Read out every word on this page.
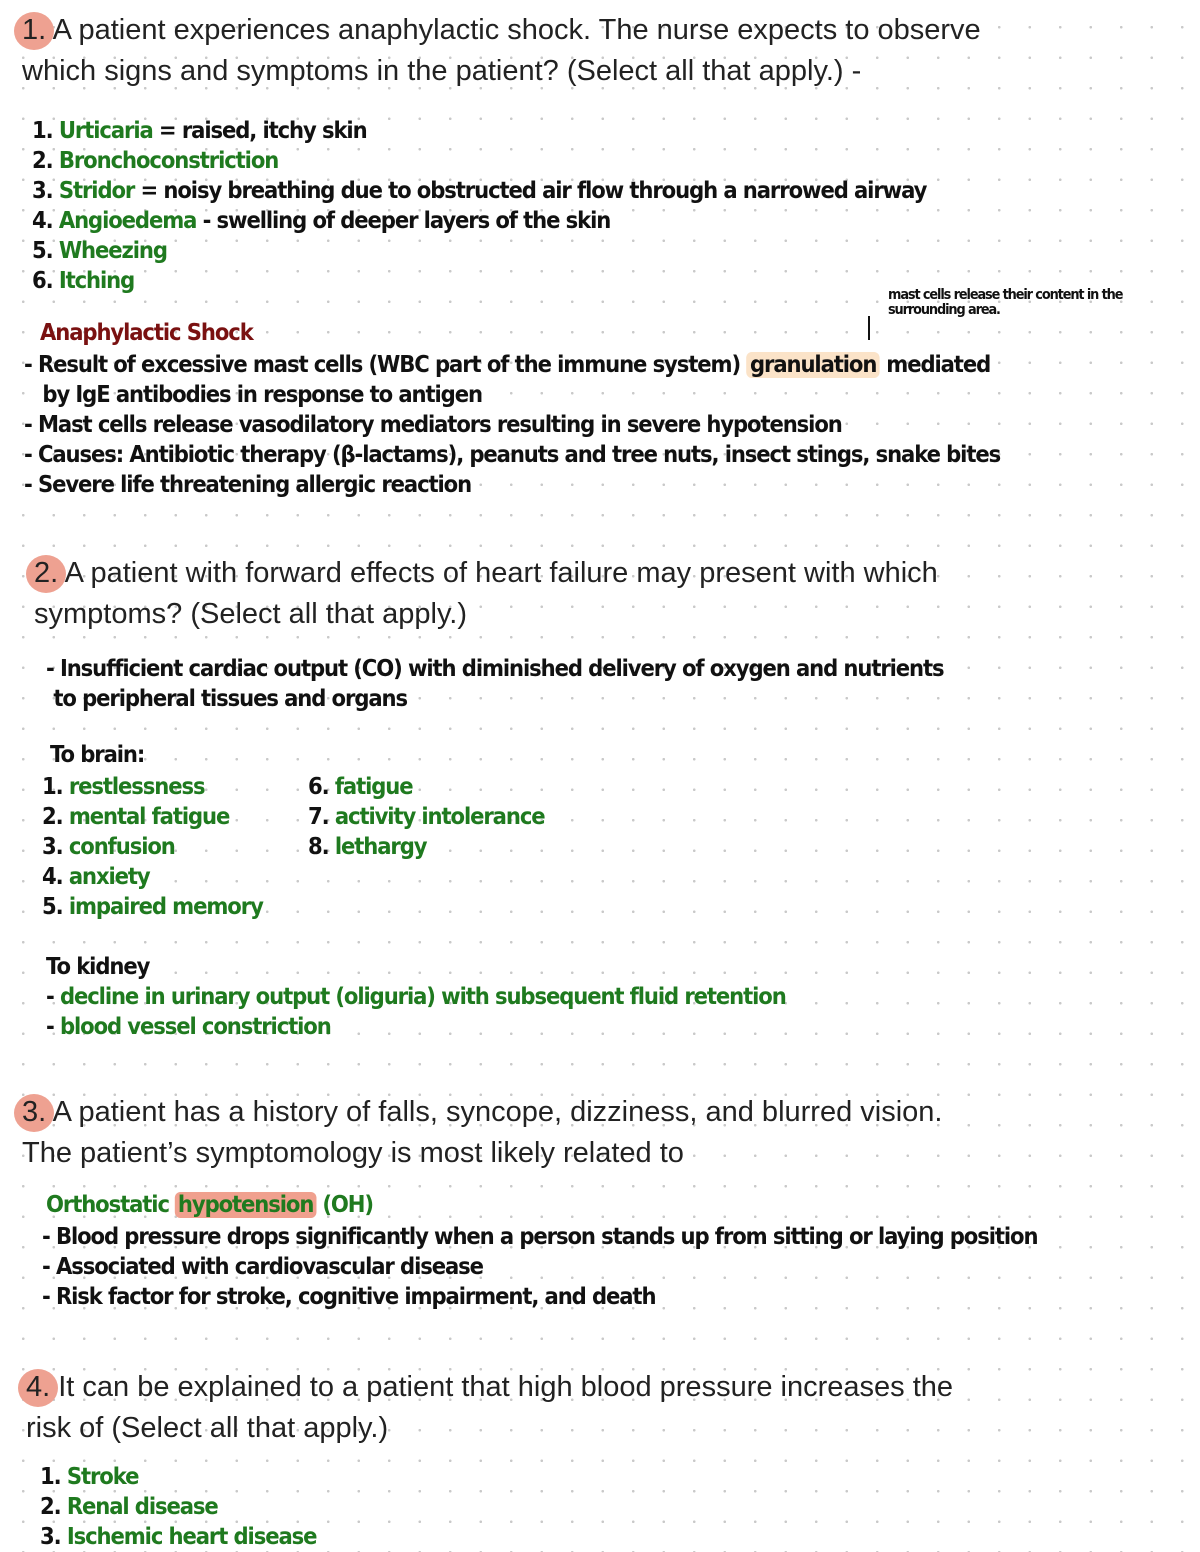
1. A patient experiences anaphylactic shock. The nurse expects to observe
which signs and symptoms in the patient? (Select all that apply.) -
1. Urticaria = raised, itchy skin
2. Bronchoconstriction
3. Stridor = noisy breathing due to obstructed air flow through a narrowed airway
4. Angioedema - swelling of deeper layers of the skin
5. Wheezing
6. Itching
mast cells release their content in the surrounding area.
Anaphylactic Shock
- Result of excessive mast cells (WBC part of the immune system) granulation mediated
by IgE antibodies in response to antigen
- Mast cells release vasodilatory mediators resulting in severe hypotension
- Causes: Antibiotic therapy (β-lactams), peanuts and tree nuts, insect stings, snake bites
- Severe life threatening allergic reaction
2. A patient with forward effects of heart failure may present with which
symptoms? (Select all that apply.)
- Insufficient cardiac output (CO) with diminished delivery of oxygen and nutrients
to peripheral tissues and organs
To brain:
1. restlessness
2. mental fatigue
3. confusion
4. anxiety
5. impaired memory
6. fatigue
7. activity intolerance
8. lethargy
To kidney
- decline in urinary output (oliguria) with subsequent fluid retention
- blood vessel constriction
3. A patient has a history of falls, syncope, dizziness, and blurred vision.
The patient’s symptomology is most likely related to
Orthostatic hypotension (OH)
- Blood pressure drops significantly when a person stands up from sitting or laying position
- Associated with cardiovascular disease
- Risk factor for stroke, cognitive impairment, and death
4. It can be explained to a patient that high blood pressure increases the
risk of (Select all that apply.)
1. Stroke
2. Renal disease
3. Ischemic heart disease
